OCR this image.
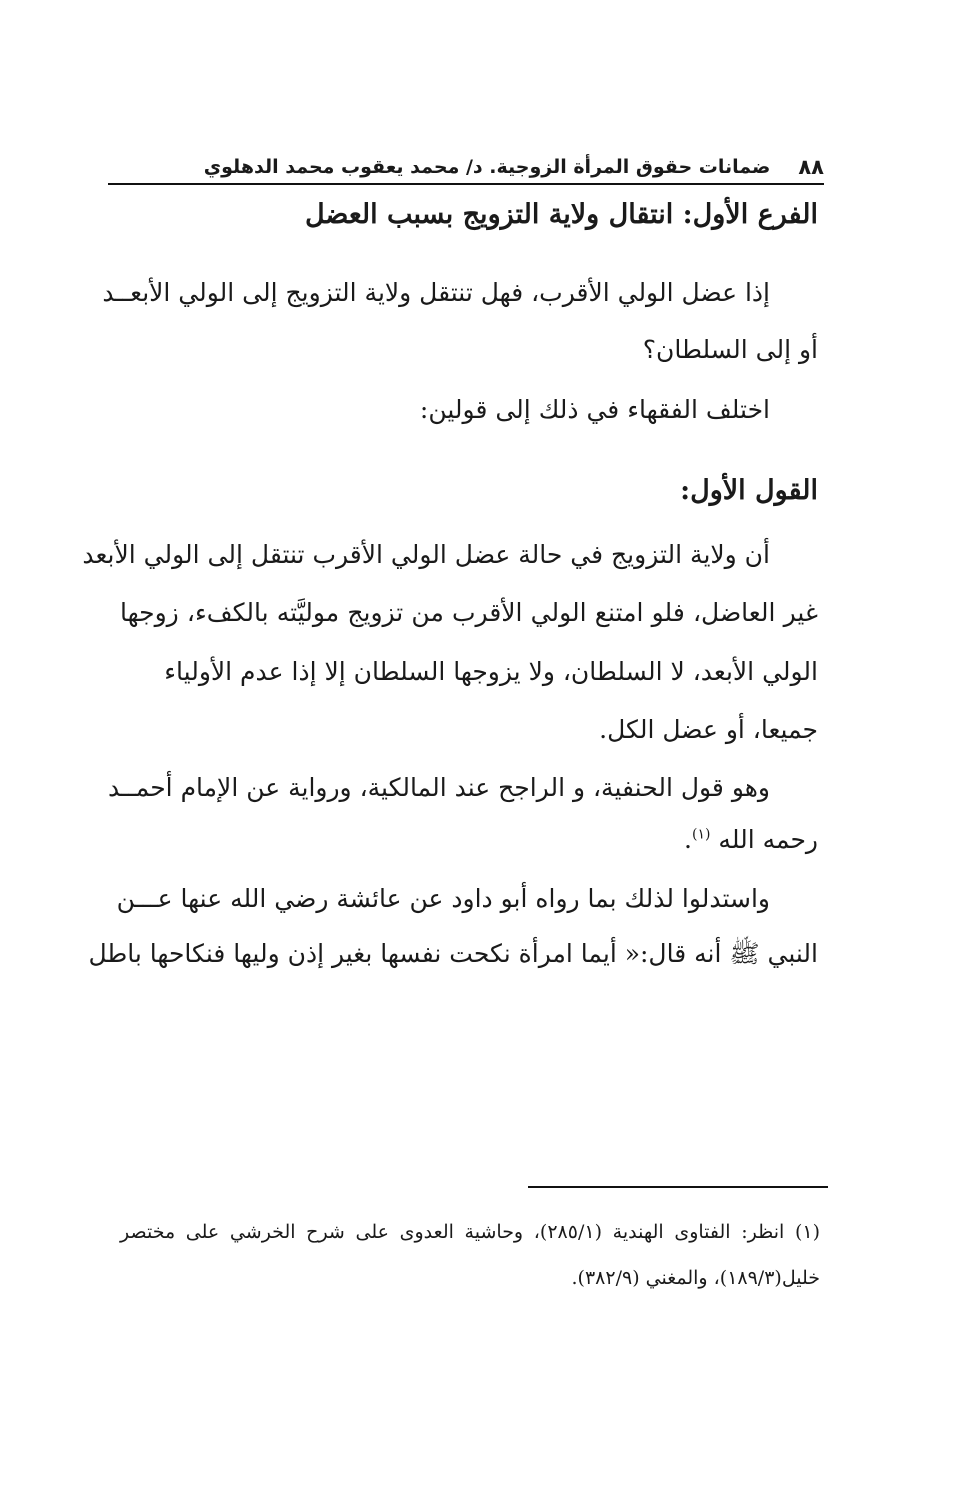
٨٨
ضمانات حقوق المرأة الزوجية. د/ محمد يعقوب محمد الدهلوي
الفرع الأول: انتقال ولاية التزويج بسبب العضل
إذا عضل الولي الأقرب، فهل تنتقل ولاية التزويج إلى الولي الأبعــد
أو إلى السلطان؟
اختلف الفقهاء في ذلك إلى قولين:
القول الأول:
أن ولاية التزويج في حالة عضل الولي الأقرب تنتقل إلى الولي الأبعد
غير العاضل، فلو امتنع الولي الأقرب من تزويج موليَّته بالكفء، زوجها
الولي الأبعد، لا السلطان، ولا يزوجها السلطان إلا إذا عدم الأولياء
جميعا، أو عضل الكل.
وهو قول الحنفية، و الراجح عند المالكية، ورواية عن الإمام أحمــد
رحمه الله $^{(١)}$.
واستدلوا لذلك بما رواه أبو داود عن عائشة رضي الله عنها عـــن
النبي ﷺ أنه قال:« أيما امرأة نكحت نفسها بغير إذن وليها فنكاحها باطل
(١) انظر: الفتاوى الهندية (٢٨٥/١)، وحاشية العدوى على شرح الخرشي على مختصر
خليل(١٨٩/٣)، والمغني (٣٨٢/٩).
